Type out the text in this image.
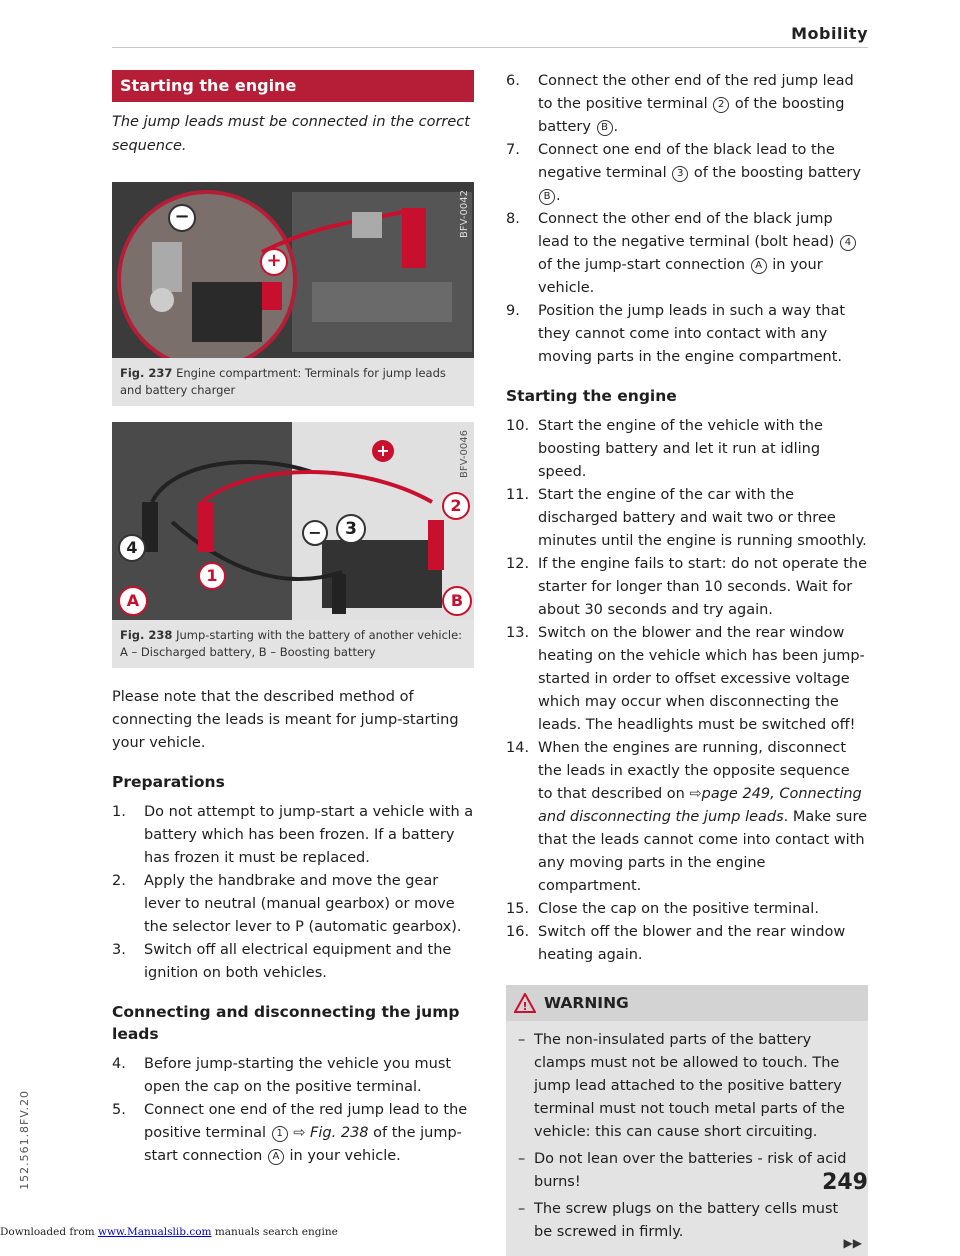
Mobility
Starting the engine

The jump leads must be connected in the correct sequence.

−
+
BFV-0042
Fig. 237 Engine compartment: Terminals for jump leads and battery charger
+
2
−	3
4
1
A	B
BFV-0046
Fig. 238 Jump-starting with the battery of another vehicle: A – Discharged battery, B – Boosting battery

Please note that the described method of connecting the leads is meant for jump-starting your vehicle.

Preparations
1.	Do not attempt to jump-start a vehicle with a battery which has been frozen. If a battery has frozen it must be replaced.
2.	Apply the handbrake and move the gear lever to neutral (manual gearbox) or move the selector lever to P (automatic gearbox).
3.	Switch off all electrical equipment and the ignition on both vehicles.
Connecting and disconnecting the jump leads
4.	Before jump-starting the vehicle you must open the cap on the positive terminal.
5.	Connect one end of the red jump lead to the positive terminal 1 ⇨ Fig. 238 of the jump-start connection A in your vehicle.
6.	Connect the other end of the red jump lead to the positive terminal 2 of the boosting battery B .
7.	Connect one end of the black lead to the negative terminal 3 of the boosting battery B .
8.	Connect the other end of the black jump lead to the negative terminal (bolt head) 4 of the jump-start connection A in your vehicle.
9.	Position the jump leads in such a way that they cannot come into contact with any moving parts in the engine compartment.
Starting the engine
10. Start the engine of the vehicle with the boosting battery and let it run at idling speed.
11. Start the engine of the car with the discharged battery and wait two or three minutes until the engine is running smoothly.
12. If the engine fails to start: do not operate the starter for longer than 10 seconds. Wait for about 30 seconds and try again.
13. Switch on the blower and the rear window heating on the vehicle which has been jump-started in order to offset excessive voltage which may occur when disconnecting the leads. The headlights must be switched off!
14. When the engines are running, disconnect the leads in exactly the opposite sequence to that described on ⇨page 249, Connecting and disconnecting the jump leads. Make sure that the leads cannot come into contact with any moving parts in the engine compartment.
15. Close the cap on the positive terminal.
16. Switch off the blower and the rear window heating again.
! WARNING
– The non-insulated parts of the battery clamps must not be allowed to touch. The jump lead attached to the positive battery terminal must not touch metal parts of the vehicle: this can cause short circuiting.
– Do not lean over the batteries - risk of acid burns!
– The screw plugs on the battery cells must be screwed in firmly.
▶▶
152.561.8FV.20	249
Downloaded from www.Manualslib.com manuals search engine
